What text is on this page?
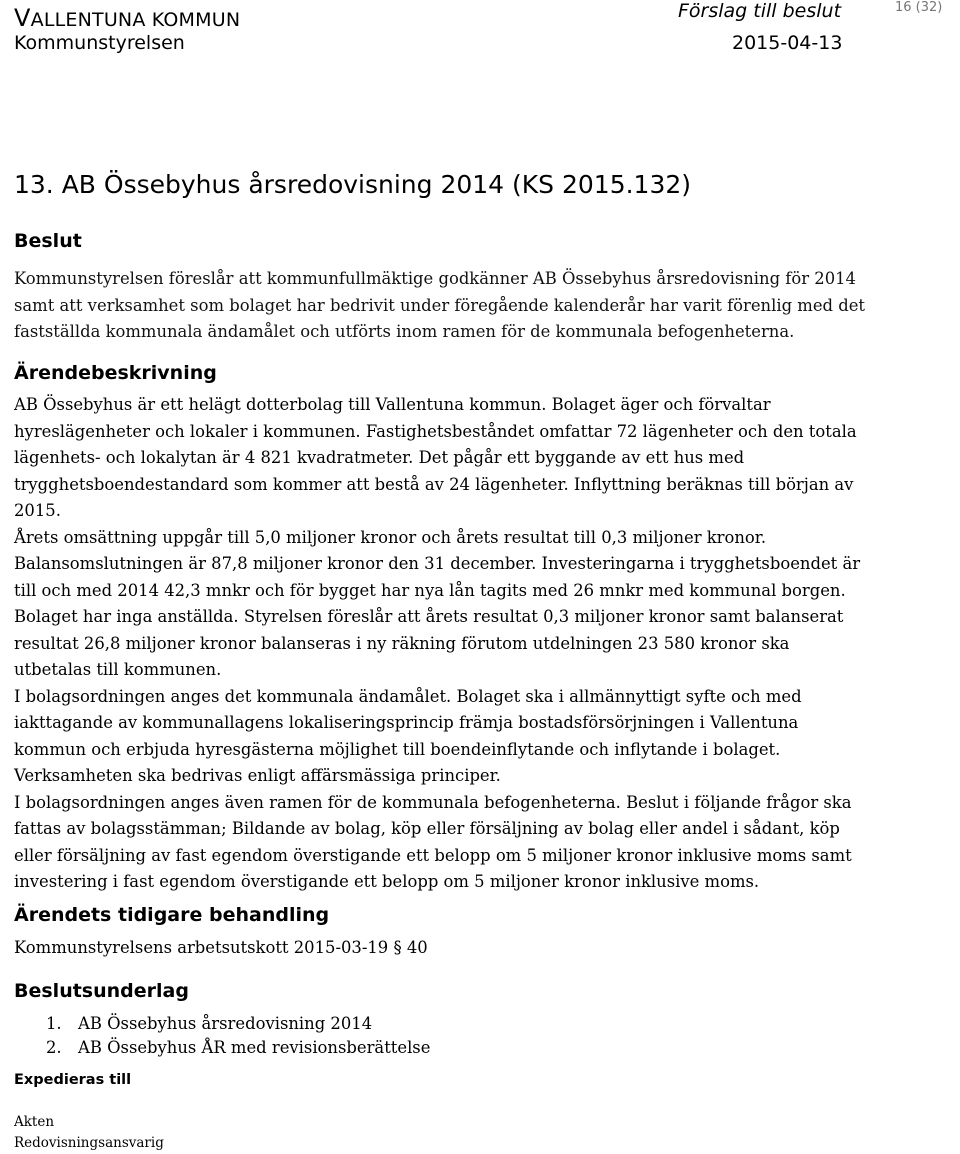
VALLENTUNA KOMMUN
Kommunstyrelsen
Förslag till beslut
2015-04-13
16 (32)
13. AB Össebyhus årsredovisning 2014 (KS 2015.132)
Beslut
Kommunstyrelsen föreslår att kommunfullmäktige godkänner AB Össebyhus årsredovisning för 2014
samt att verksamhet som bolaget har bedrivit under föregående kalenderår har varit förenlig med det
fastställda kommunala ändamålet och utförts inom ramen för de kommunala befogenheterna.
Ärendebeskrivning
AB Össebyhus är ett helägt dotterbolag till Vallentuna kommun. Bolaget äger och förvaltar
hyreslägenheter och lokaler i kommunen. Fastighetsbeståndet omfattar 72 lägenheter och den totala
lägenhets- och lokalytan är 4 821 kvadratmeter. Det pågår ett byggande av ett hus med
trygghetsboendestandard som kommer att bestå av 24 lägenheter. Inflyttning beräknas till början av
2015.
Årets omsättning uppgår till 5,0 miljoner kronor och årets resultat till 0,3 miljoner kronor.
Balansomslutningen är 87,8 miljoner kronor den 31 december. Investeringarna i trygghetsboendet är
till och med 2014 42,3 mnkr och för bygget har nya lån tagits med 26 mnkr med kommunal borgen.
Bolaget har inga anställda. Styrelsen föreslår att årets resultat 0,3 miljoner kronor samt balanserat
resultat 26,8 miljoner kronor balanseras i ny räkning förutom utdelningen 23 580 kronor ska
utbetalas till kommunen.
I bolagsordningen anges det kommunala ändamålet. Bolaget ska i allmännyttigt syfte och med
iakttagande av kommunallagens lokaliseringsprincip främja bostadsförsörjningen i Vallentuna
kommun och erbjuda hyresgästerna möjlighet till boendeinflytande och inflytande i bolaget.
Verksamheten ska bedrivas enligt affärsmässiga principer.
I bolagsordningen anges även ramen för de kommunala befogenheterna. Beslut i följande frågor ska
fattas av bolagsstämman; Bildande av bolag, köp eller försäljning av bolag eller andel i sådant, köp
eller försäljning av fast egendom överstigande ett belopp om 5 miljoner kronor inklusive moms samt
investering i fast egendom överstigande ett belopp om 5 miljoner kronor inklusive moms.
Ärendets tidigare behandling
Kommunstyrelsens arbetsutskott 2015-03-19 § 40
Beslutsunderlag
1. AB Össebyhus årsredovisning 2014
2. AB Össebyhus ÅR med revisionsberättelse
Expedieras till
Akten
Redovisningsansvarig
